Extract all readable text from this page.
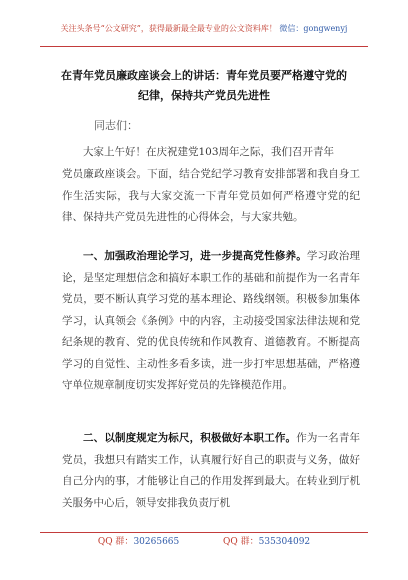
关注头条号“公文研究”，获得最新最全最专业的公文资料库！ 微信：gongwenyj
在青年党员廉政座谈会上的讲话：青年党员要严格遵守党的纪律，保持共产党员先进性
同志们：
大家上午好！在庆祝建党103周年之际，我们召开青年
党员廉政座谈会。下面，结合党纪学习教育安排部署和我自身工作生活实际，我与大家交流一下青年党员如何严格遵守党的纪律、保持共产党员先进性的心得体会，与大家共勉。
一、加强政治理论学习，进一步提高党性修养。学习政治理论，是坚定理想信念和搞好本职工作的基础和前提作为一名青年党员，要不断认真学习党的基本理论、路线纲领。积极参加集体学习，认真领会《条例》中的内容，主动接受国家法律法规和党纪条规的教育、党的优良传统和作风教育、道德教育。不断提高学习的自觉性、主动性多看多读，进一步打牢思想基础，严格遵守单位规章制度切实发挥好党员的先锋模范作用。
二、以制度规定为标尺，积极做好本职工作。作为一名青年党员，我想只有踏实工作，认真履行好自己的职责与义务，做好自己分内的事，才能够让自己的作用发挥到最大。在转业到厅机关服务中心后，领导安排我负责厅机
QQ 群：30265665	QQ 群：535304092
